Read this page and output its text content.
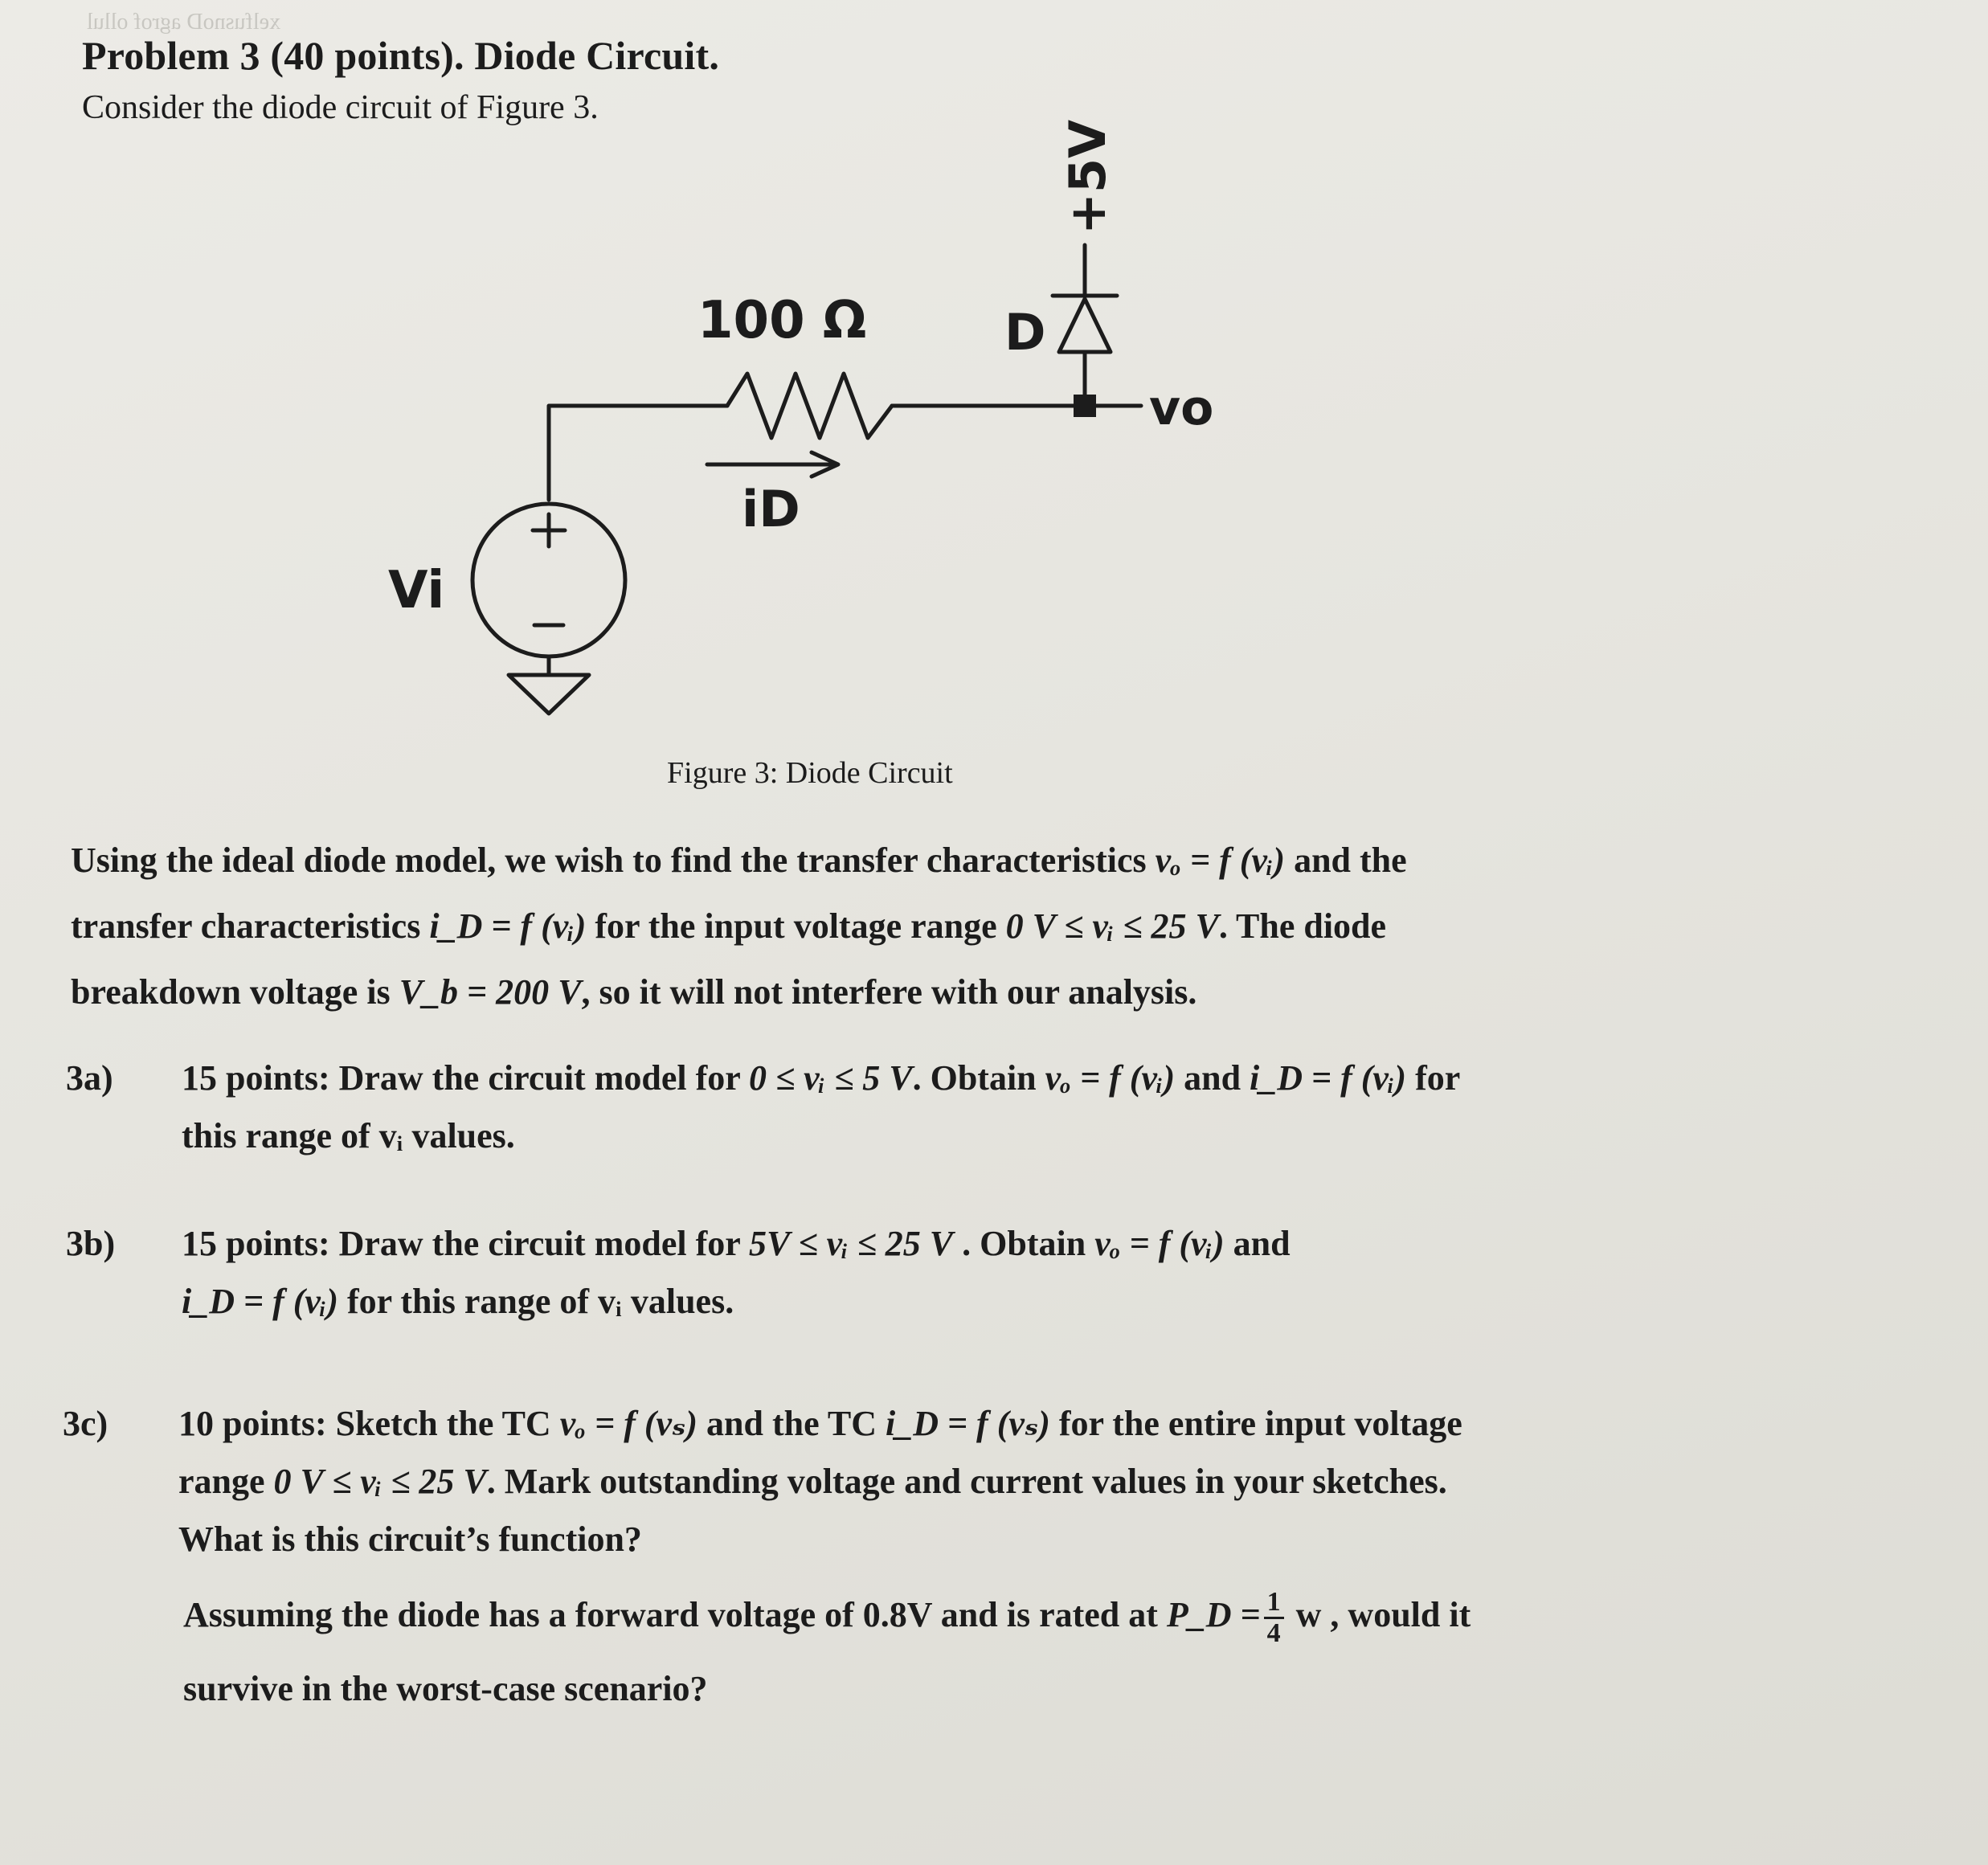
xelfusnoD agrof ollul
Problem 3 (40 points). Diode Circuit.
Consider the diode circuit of Figure 3.
100 Ω
iD
D
vo
Vi
+5V
Figure 3: Diode Circuit
Using the ideal diode model, we wish to find the transfer characteristics vₒ = f (vᵢ) and the
transfer characteristics i_D = f (vᵢ) for the input voltage range 0 V ≤ vᵢ ≤ 25 V. The diode
breakdown voltage is V_b = 200 V, so it will not interfere with our analysis.
3a) 15 points: Draw the circuit model for 0 ≤ vᵢ ≤ 5 V. Obtain vₒ = f (vᵢ) and i_D = f (vᵢ) for
this range of vᵢ values.
3b) 15 points: Draw the circuit model for 5V ≤ vᵢ ≤ 25 V . Obtain vₒ = f (vᵢ) and
i_D = f (vᵢ) for this range of vᵢ values.
3c) 10 points: Sketch the TC vₒ = f (vₛ) and the TC i_D = f (vₛ) for the entire input voltage
range 0 V ≤ vᵢ ≤ 25 V. Mark outstanding voltage and current values in your sketches.
What is this circuit’s function?
Assuming the diode has a forward voltage of 0.8V and is rated at P_D = $\frac{1}{4}$ w , would it
survive in the worst-case scenario?
